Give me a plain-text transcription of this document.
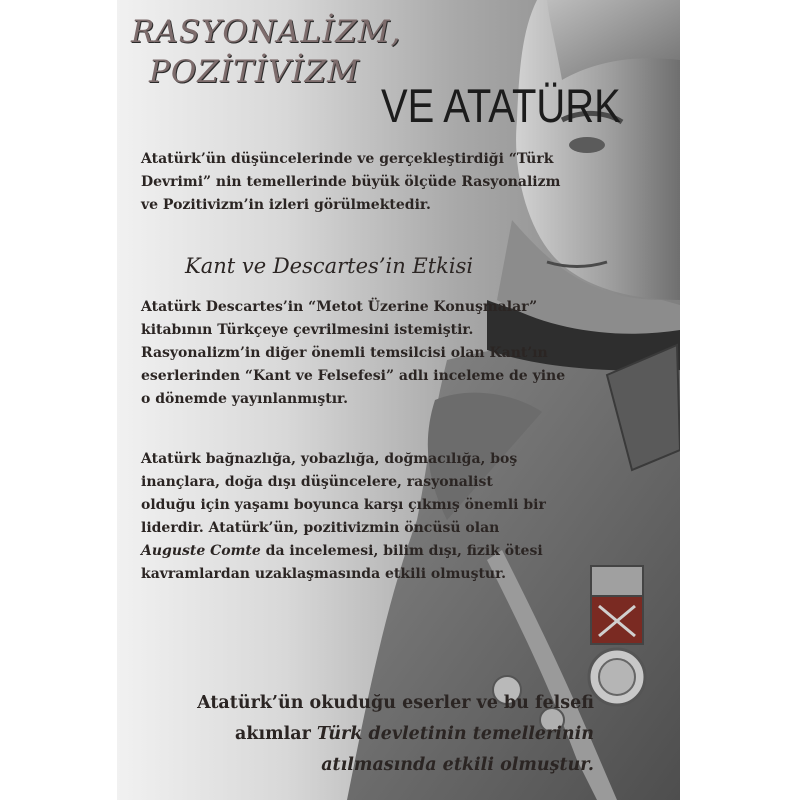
RASYONALİZM,
POZİTİVİZM
VE ATATÜRK

Atatürk’ün düşüncelerinde ve gerçekleştirdiği “Türk
Devrimi” nin temellerinde büyük ölçüde Rasyonalizm
ve Pozitivizm’in izleri görülmektedir.

Kant ve Descartes’in Etkisi

Atatürk Descartes’in “Metot Üzerine Konuşmalar”
kitabının Türkçeye çevrilmesini istemiştir.
Rasyonalizm’in diğer önemli temsilcisi olan Kant’ın
eserlerinden “Kant ve Felsefesi” adlı inceleme de yine
o dönemde yayınlanmıştır.

Atatürk bağnazlığa, yobazlığa, doğmacılığa, boş
inançlara, doğa dışı düşüncelere, rasyonalist
olduğu için yaşamı boyunca karşı çıkmış önemli bir
liderdir. Atatürk’ün, pozitivizmin öncüsü olan
Auguste Comte da incelemesi, bilim dışı, fizik ötesi
kavramlardan uzaklaşmasında etkili olmuştur.

Atatürk’ün okuduğu eserler ve bu felsefi
akımlar Türk devletinin temellerinin
atılmasında etkili olmuştur.
